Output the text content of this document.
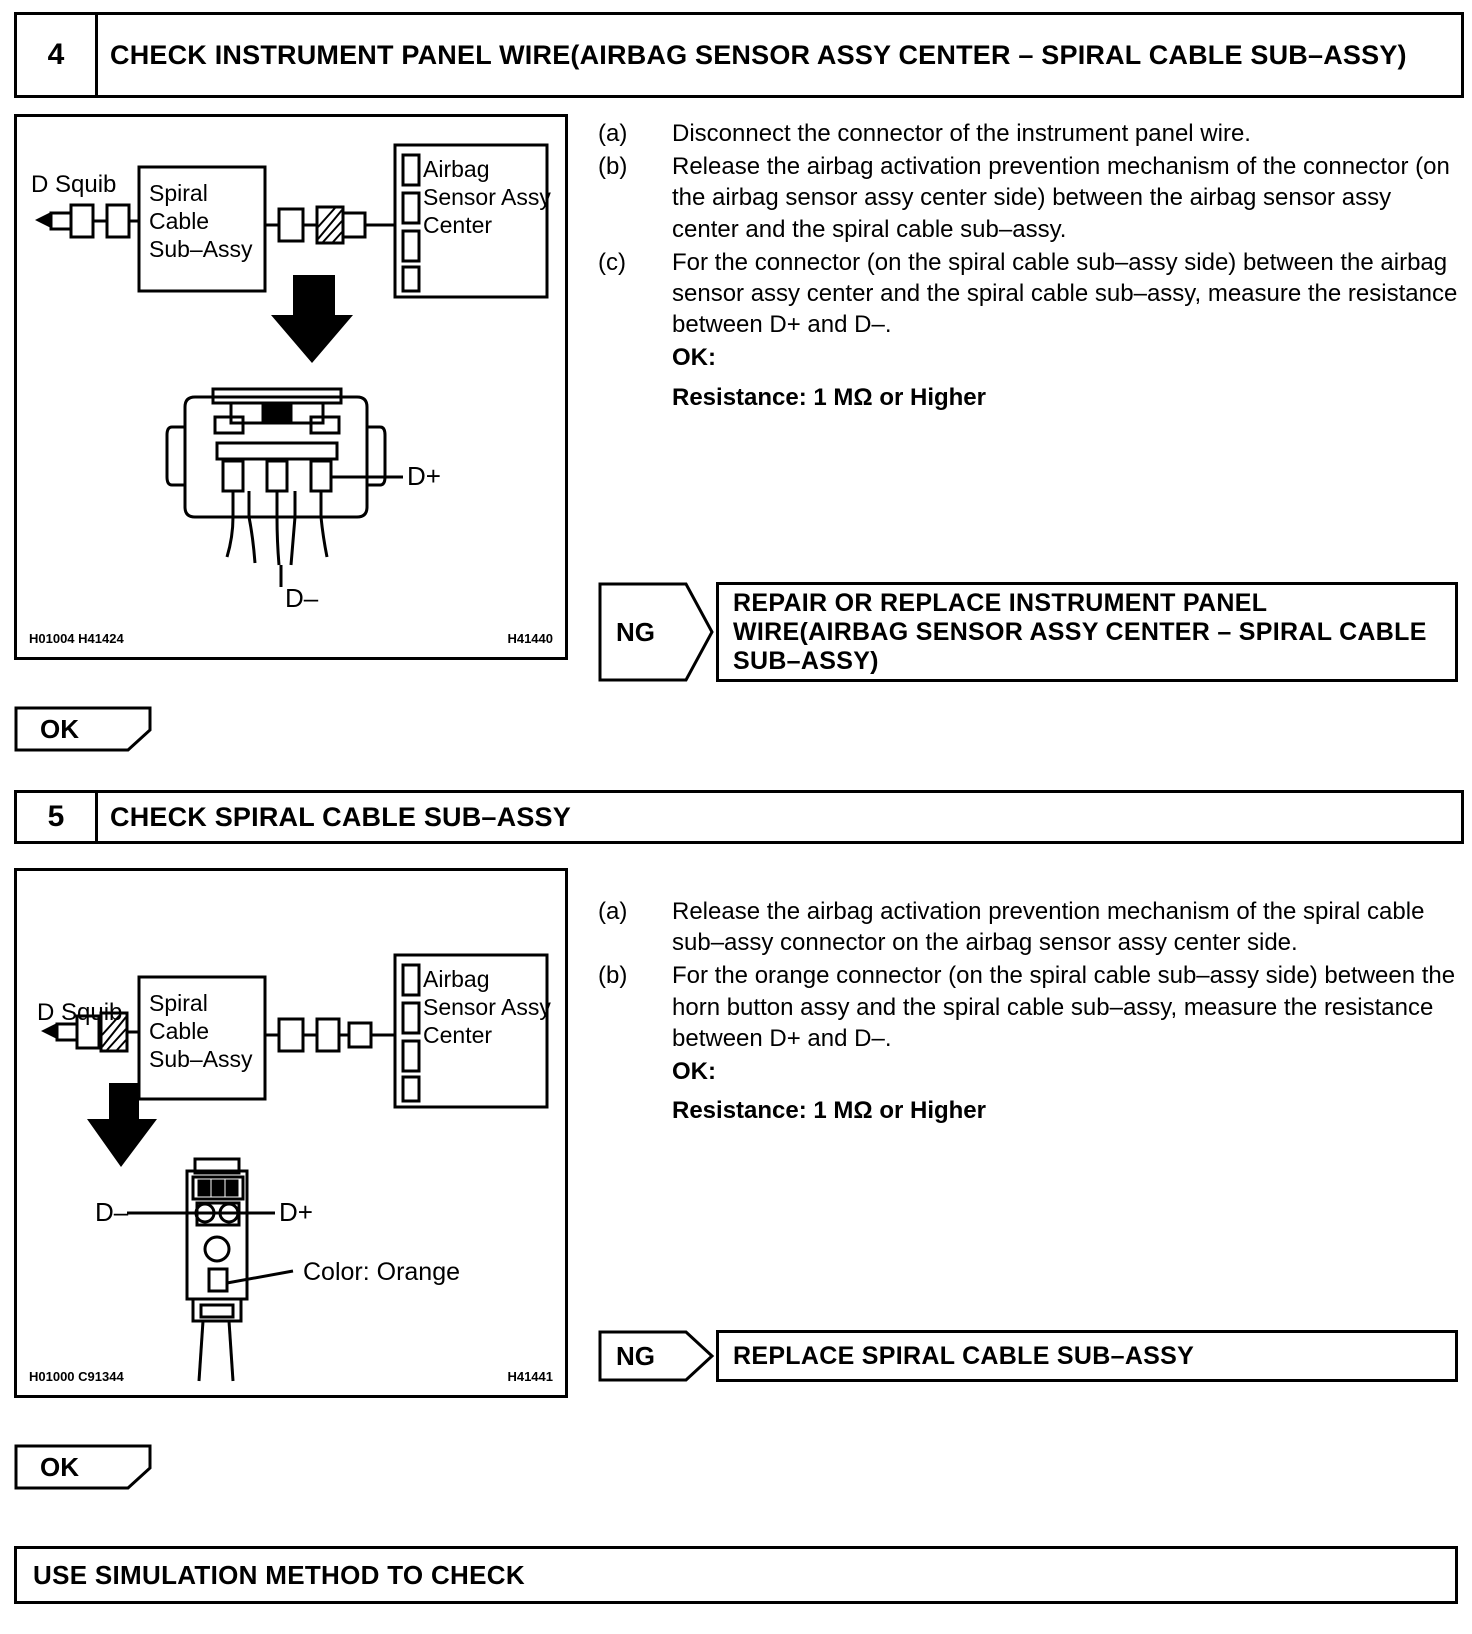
4	CHECK INSTRUMENT PANEL WIRE(AIRBAG SENSOR ASSY CENTER – SPIRAL CABLE SUB–ASSY)
D Squib Spiral Cable Sub–Assy
Airbag Sensor Assy Center
D+
D–
H01004 H41424	H41440
(a)	Disconnect the connector of the instrument panel wire.
(b)	Release the airbag activation prevention mechanism of the connector (on the airbag sensor assy center side) between the airbag sensor assy center and the spiral cable sub–assy.
(c)	For the connector (on the spiral cable sub–assy side) between the airbag sensor assy center and the spiral cable sub–assy, measure the resistance between D+ and D–.
OK:
Resistance: 1 MΩ or Higher
NG
REPAIR OR REPLACE INSTRUMENT PANEL WIRE(AIRBAG SENSOR ASSY CENTER – SPIRAL CABLE SUB–ASSY)
OK
5	CHECK SPIRAL CABLE SUB–ASSY
D Squib Spiral Cable Sub–Assy
Airbag Sensor Assy Center
D–	D+
Color: Orange
H01000 C91344	H41441
(a)	Release the airbag activation prevention mechanism of the spiral cable sub–assy connector on the airbag sensor assy center side.
(b)	For the orange connector (on the spiral cable sub–assy side) between the horn button assy and the spiral cable sub–assy, measure the resistance between D+ and D–.
OK:
Resistance: 1 MΩ or Higher
NG	REPLACE SPIRAL CABLE SUB–ASSY
OK
USE SIMULATION METHOD TO CHECK
